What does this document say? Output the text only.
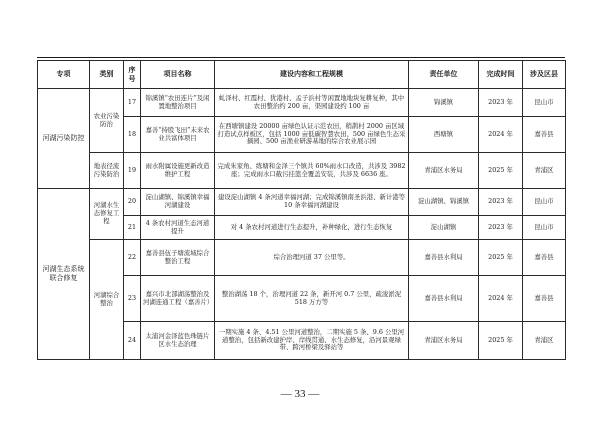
专项	类别	序号	项目名称	建设内容和工程规模	责任单位	完成时间	涉及区县
河湖污染防控	农业污染防治	17	锦溪镇“农田连片”及闲置地整治项目	虬泽村、红霞村、犹港村、孟子浜村等闲置地地块复耕复种，其中农田整治约 200 亩，渠园建设约 100 亩	锦溪镇	2023 年	昆山市
		18	嘉善“持股飞田”未来农业共富体项目	在西塘镇建设 20000 亩绿色认证示范农田，稍鹊村 2000 亩区域打造试点样板区，包括 1000 亩低碳智慧农田、500 亩绿色生态采摘园、500 亩渔业研游基地的综合农业展示园	西塘镇	2024 年	嘉善县
	地表径流污染防治	19	雨水附属设施更新改造维护工程	完成朱家角、练塘和金泽三个镇共 60%雨水口改造，共涉及 3982 座；完成雨水口截污挂篮全覆盖安装，共涉及 6636 座。	青浦区水务局	2025 年	青浦区
河湖生态系统联合修复	河湖水生态修复工程	20	淀山湖镇、锦溪镇幸福河湖建设	建设淀山湖镇 4 条河道幸福河湖；完成锦溪镇南圣浜港、新计港等 10 条幸福河湖建设	淀山湖镇、锦溪镇	2023 年	昆山市
		21	4 条农村河道生态河道提升	对 4 条农村河道进行生态提升，补种绿化，进行生态恢复	淀山湖镇	2023 年	昆山市
	河湖综合整治	22	嘉善县伍子塘流域综合整治工程	综合治理河道 37 公里等。	嘉善县水利局	2025 年	嘉善县
		23	嘉兴市北部湖荡整治及河湖连通工程（嘉善片）	整治湖荡 18 个，治理河道 22 条，新开河 0.7 公里，疏浚淤泥 518 万方等	嘉善县水利局	2024 年	嘉善县
		24	太浦河金泽蓝色珠链片区水生态治理	一期实施 4 条、4.51 公里河道整治，二期实施 5 条、9.6 公里河道整治，包括新改建护岸、岸线贯通、水生态修复，沿河景观绿带、跨河桥梁及驿站等	青浦区水务局	2025 年	青浦区
— 33 —
